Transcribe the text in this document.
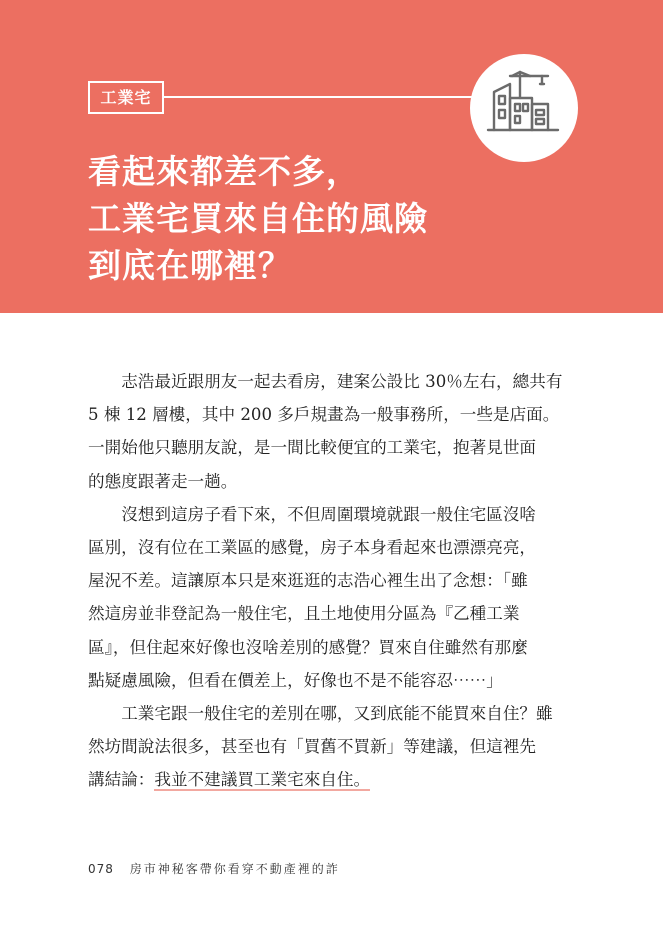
工業宅
看起來都差不多，
工業宅買來自住的風險
到底在哪裡？

志浩最近跟朋友一起去看房，建案公設比 30％左右，總共有
5 棟 12 層樓，其中 200 多戶規畫為一般事務所，一些是店面。
一開始他只聽朋友說，是一間比較便宜的工業宅，抱著見世面
的態度跟著走一趟。

沒想到這房子看下來，不但周圍環境就跟一般住宅區沒啥
區別，沒有位在工業區的感覺，房子本身看起來也漂漂亮亮，
屋況不差。這讓原本只是來逛逛的志浩心裡生出了念想：「雖
然這房並非登記為一般住宅，且土地使用分區為『乙種工業
區』，但住起來好像也沒啥差別的感覺？買來自住雖然有那麼
點疑慮風險，但看在價差上，好像也不是不能容忍⋯⋯」

工業宅跟一般住宅的差別在哪，又到底能不能買來自住？雖
然坊間說法很多，甚至也有「買舊不買新」等建議，但這裡先
講結論：我並不建議買工業宅來自住。

078 房市神秘客帶你看穿不動產裡的詐
